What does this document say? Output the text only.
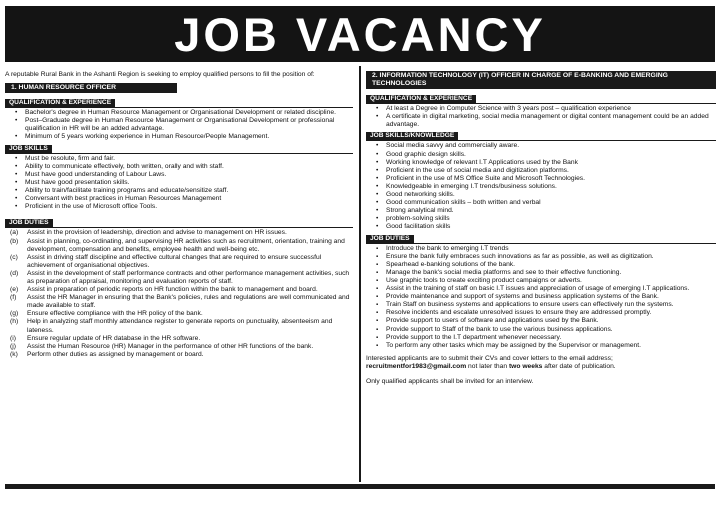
JOB VACANCY
A reputable Rural Bank in the Ashanti Region is seeking to employ qualified persons to fill the position of:
1. HUMAN RESOURCE OFFICER
QUALIFICATION & EXPERIENCE
• Bachelor's degree in Human Resource Management or Organisational Development or related discipline.
• Post–Graduate degree in Human Resource Management or Organisational Development or professional qualification in HR will be an added advantage.
• Minimum of 5 years working experience in Human Resource/People Management.
JOB SKILLS
• Must be resolute, firm and fair.
• Ability to communicate effectively, both written, orally and with staff.
• Must have good understanding of Labour Laws.
• Must have good presentation skills.
• Ability to train/facilitate training programs and educate/sensitize staff.
• Conversant with best practices in Human Resources Management
• Proficient in the use of Microsoft office Tools.
JOB DUTIES
(a) Assist in the provision of leadership, direction and advise to management on HR issues.
(b) Assist in planning, co-ordinating, and supervising HR activities such as recruitment, orientation, training and development, compensation and benefits, employee health and well-being etc.
(c) Assist in driving staff discipline and effective cultural changes that are required to ensure successful achievement of organisational objectives.
(d) Assist in the development of staff performance contracts and other performance management activities, such as preparation of appraisal, monitoring and evaluation reports of staff.
(e) Assist in preparation of periodic reports on HR function within the bank to management and board.
(f) Assist the HR Manager in ensuring that the Bank's policies, rules and regulations are well communicated and made available to staff.
(g) Ensure effective compliance with the HR policy of the bank.
(h) Help in analyzing staff monthly attendance register to generate reports on punctuality, absenteeism and lateness.
(i) Ensure regular update of HR database in the HR software.
(j) Assist the Human Resource (HR) Manager in the performance of other HR functions of the bank.
(k) Perform other duties as assigned by management or board.
2. INFORMATION TECHNOLOGY (IT) OFFICER IN CHARGE OF E-BANKING AND EMERGING TECHNOLOGIES
QUALIFICATION & EXPERIENCE
• At least a Degree in Computer Science with 3 years post – qualification experience
• A certificate in digital marketing, social media management or digital content management could be an added advantage.
JOB SKILLS/KNOWLEDGE
• Social media savvy and commercially aware.
• Good graphic design skills.
• Working knowledge of relevant I.T Applications used by the Bank
• Proficient in the use of social media and digitization platforms.
• Proficient in the use of MS Office Suite and Microsoft Technologies.
• Knowledgeable in emerging I.T trends/business solutions.
• Good networking skills.
• Good communication skills – both written and verbal
• Strong analytical mind.
• problem-solving skills
• Good facilitation skills
JOB DUTIES
▪ Introduce the bank to emerging I.T trends
▪ Ensure the bank fully embraces such innovations as far as possible, as well as digitization.
▪ Spearhead e-banking solutions of the bank.
▪ Manage the bank's social media platforms and see to their effective functioning.
▪ Use graphic tools to create exciting product campaigns or adverts.
▪ Assist in the training of staff on basic I.T issues and appreciation of usage of emerging I.T applications.
▪ Provide maintenance and support of systems and business application systems of the Bank.
▪ Train Staff on business systems and applications to ensure users can effectively run the systems.
▪ Resolve incidents and escalate unresolved issues to ensure they are addressed promptly.
▪ Provide support to users of software and applications used by the Bank.
▪ Provide support to Staff of the bank to use the various business applications.
▪ Provide support to the I.T department whenever necessary.
▪ To perform any other tasks which may be assigned by the Supervisor or management.
Interested applicants are to submit their CVs and cover letters to the email address;
recruitmentfor1983@gmail.com not later than two weeks after date of publication.
Only qualified applicants shall be invited for an interview.
